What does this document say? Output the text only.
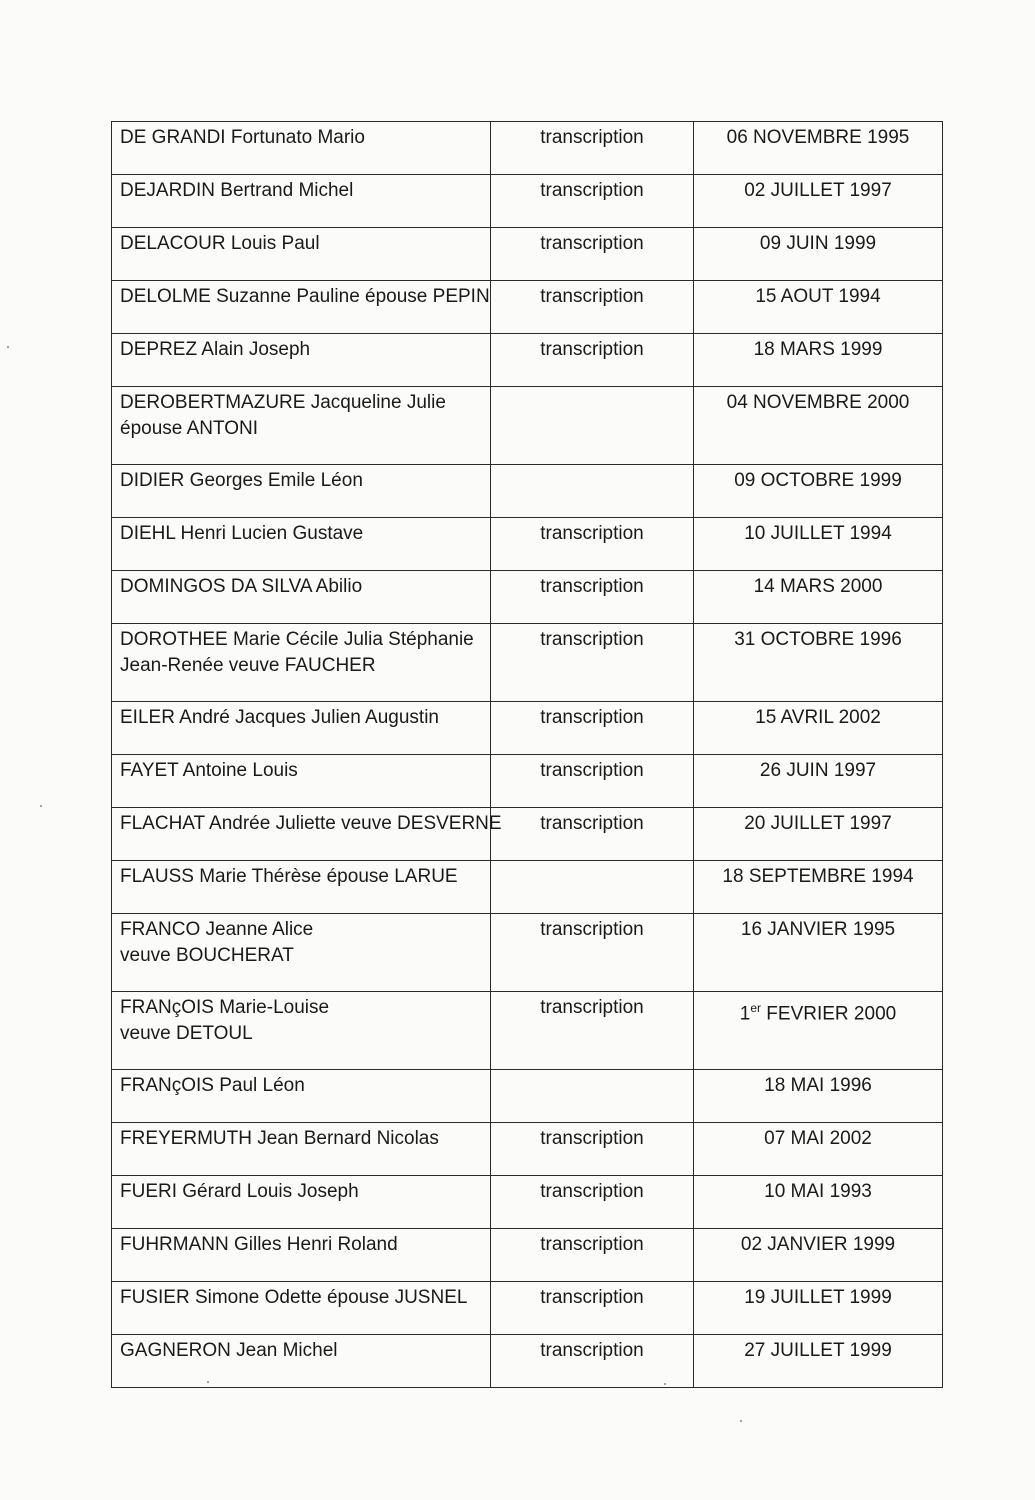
DE GRANDI Fortunato Mario	transcription	06 NOVEMBRE 1995

DEJARDIN Bertrand Michel	transcription	02 JUILLET 1997

DELACOUR Louis Paul	transcription	09 JUIN 1999

DELOLME Suzanne Pauline épouse PEPIN	transcription	15 AOUT 1994

DEPREZ Alain Joseph	transcription	18 MARS 1999

DEROBERTMAZURE Jacqueline Julie
épouse ANTONI		04 NOVEMBRE 2000

DIDIER Georges Emile Léon		09 OCTOBRE 1999

DIEHL Henri Lucien Gustave	transcription	10 JUILLET 1994

DOMINGOS DA SILVA Abilio	transcription	14 MARS 2000

DOROTHEE Marie Cécile Julia Stéphanie
Jean-Renée veuve FAUCHER	transcription	31 OCTOBRE 1996

EILER André Jacques Julien Augustin	transcription	15 AVRIL 2002

FAYET Antoine Louis	transcription	26 JUIN 1997

FLACHAT Andrée Juliette veuve DESVERNE	transcription	20 JUILLET 1997

FLAUSS Marie Thérèse épouse LARUE		18 SEPTEMBRE 1994

FRANCO Jeanne Alice
veuve BOUCHERAT	transcription	16 JANVIER 1995

FRANçOIS Marie-Louise
veuve DETOUL	transcription	1er FEVRIER 2000

FRANçOIS Paul Léon		18 MAI 1996

FREYERMUTH Jean Bernard Nicolas	transcription	07 MAI 2002

FUERI Gérard Louis Joseph	transcription	10 MAI 1993

FUHRMANN Gilles Henri Roland	transcription	02 JANVIER 1999

FUSIER Simone Odette épouse JUSNEL	transcription	19 JUILLET 1999

GAGNERON Jean Michel	transcription	27 JUILLET 1999
